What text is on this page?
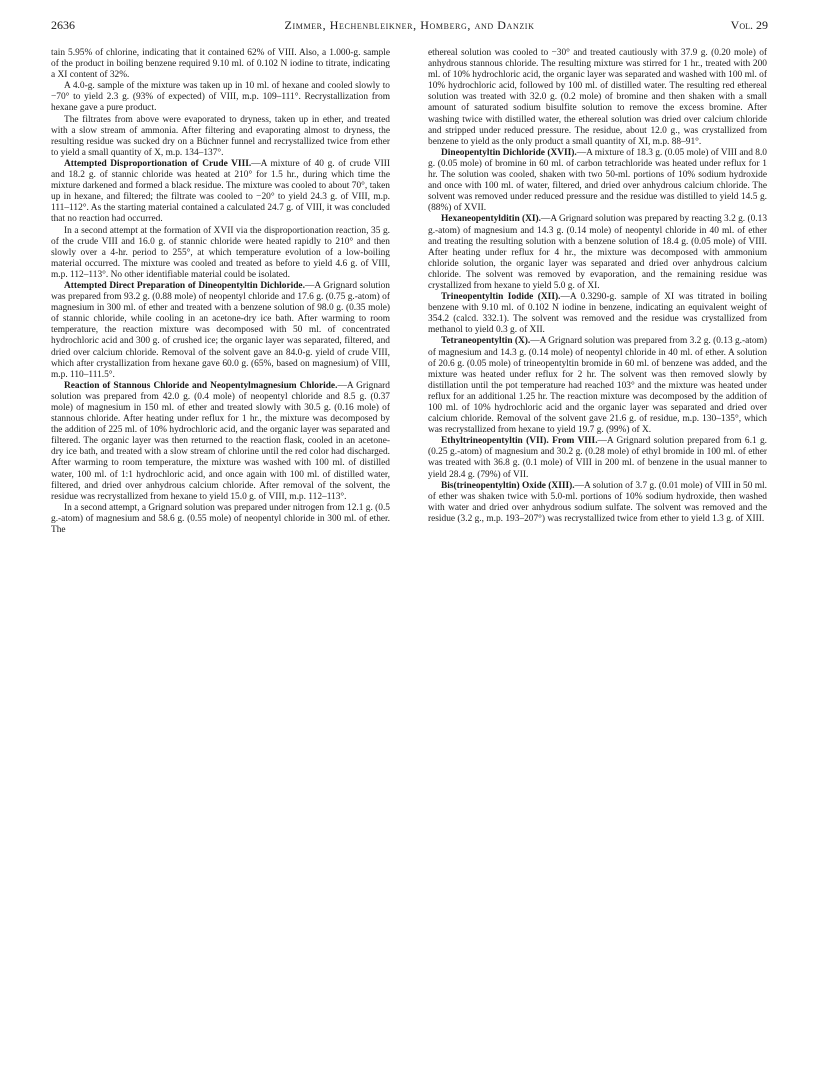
2636	Zimmer, Hechenbleikner, Homberg, and Danzik	Vol. 29

tain 5.95% of chlorine, indicating that it contained 62% of VIII. Also, a 1.000-g. sample of the product in boiling benzene required 9.10 ml. of 0.102 N iodine to titrate, indicating a XI content of 32%.

A 4.0-g. sample of the mixture was taken up in 10 ml. of hexane and cooled slowly to −70° to yield 2.3 g. (93% of expected) of VIII, m.p. 109–111°. Recrystallization from hexane gave a pure product.

The filtrates from above were evaporated to dryness, taken up in ether, and treated with a slow stream of ammonia. After filtering and evaporating almost to dryness, the resulting residue was sucked dry on a Büchner funnel and recrystallized twice from ether to yield a small quantity of X, m.p. 134–137°.

Attempted Disproportionation of Crude VIII.—A mixture of 40 g. of crude VIII and 18.2 g. of stannic chloride was heated at 210° for 1.5 hr., during which time the mixture darkened and formed a black residue. The mixture was cooled to about 70°, taken up in hexane, and filtered; the filtrate was cooled to −20° to yield 24.3 g. of VIII, m.p. 111–112°. As the starting material contained a calculated 24.7 g. of VIII, it was concluded that no reaction had occurred.

In a second attempt at the formation of XVII via the disproportionation reaction, 35 g. of the crude VIII and 16.0 g. of stannic chloride were heated rapidly to 210° and then slowly over a 4-hr. period to 255°, at which temperature evolution of a low-boiling material occurred. The mixture was cooled and treated as before to yield 4.6 g. of VIII, m.p. 112–113°. No other identifiable material could be isolated.

Attempted Direct Preparation of Dineopentyltin Dichloride.—A Grignard solution was prepared from 93.2 g. (0.88 mole) of neopentyl chloride and 17.6 g. (0.75 g.-atom) of magnesium in 300 ml. of ether and treated with a benzene solution of 98.0 g. (0.35 mole) of stannic chloride, while cooling in an acetone-dry ice bath. After warming to room temperature, the reaction mixture was decomposed with 50 ml. of concentrated hydrochloric acid and 300 g. of crushed ice; the organic layer was separated, filtered, and dried over calcium chloride. Removal of the solvent gave an 84.0-g. yield of crude VIII, which after crystallization from hexane gave 60.0 g. (65%, based on magnesium) of VIII, m.p. 110–111.5°.

Reaction of Stannous Chloride and Neopentylmagnesium Chloride.—A Grignard solution was prepared from 42.0 g. (0.4 mole) of neopentyl chloride and 8.5 g. (0.37 mole) of magnesium in 150 ml. of ether and treated slowly with 30.5 g. (0.16 mole) of stannous chloride. After heating under reflux for 1 hr., the mixture was decomposed by the addition of 225 ml. of 10% hydrochloric acid, and the organic layer was separated and filtered. The organic layer was then returned to the reaction flask, cooled in an acetone-dry ice bath, and treated with a slow stream of chlorine until the red color had discharged. After warming to room temperature, the mixture was washed with 100 ml. of distilled water, 100 ml. of 1:1 hydrochloric acid, and once again with 100 ml. of distilled water, filtered, and dried over anhydrous calcium chloride. After removal of the solvent, the residue was recrystallized from hexane to yield 15.0 g. of VIII, m.p. 112–113°.

In a second attempt, a Grignard solution was prepared under nitrogen from 12.1 g. (0.5 g.-atom) of magnesium and 58.6 g. (0.55 mole) of neopentyl chloride in 300 ml. of ether. The

ethereal solution was cooled to −30° and treated cautiously with 37.9 g. (0.20 mole) of anhydrous stannous chloride. The resulting mixture was stirred for 1 hr., treated with 200 ml. of 10% hydrochloric acid, the organic layer was separated and washed with 100 ml. of 10% hydrochloric acid, followed by 100 ml. of distilled water. The resulting red ethereal solution was treated with 32.0 g. (0.2 mole) of bromine and then shaken with a small amount of saturated sodium bisulfite solution to remove the excess bromine. After washing twice with distilled water, the ethereal solution was dried over calcium chloride and stripped under reduced pressure. The residue, about 12.0 g., was crystallized from benzene to yield as the only product a small quantity of XI, m.p. 88–91°.

Dineopentyltin Dichloride (XVII).—A mixture of 18.3 g. (0.05 mole) of VIII and 8.0 g. (0.05 mole) of bromine in 60 ml. of carbon tetrachloride was heated under reflux for 1 hr. The solution was cooled, shaken with two 50-ml. portions of 10% sodium hydroxide and once with 100 ml. of water, filtered, and dried over anhydrous calcium chloride. The solvent was removed under reduced pressure and the residue was distilled to yield 14.5 g. (88%) of XVII.

Hexaneopentylditin (XI).—A Grignard solution was prepared by reacting 3.2 g. (0.13 g.-atom) of magnesium and 14.3 g. (0.14 mole) of neopentyl chloride in 40 ml. of ether and treating the resulting solution with a benzene solution of 18.4 g. (0.05 mole) of VIII. After heating under reflux for 4 hr., the mixture was decomposed with ammonium chloride solution, the organic layer was separated and dried over anhydrous calcium chloride. The solvent was removed by evaporation, and the remaining residue was crystallized from hexane to yield 5.0 g. of XI.

Trineopentyltin Iodide (XII).—A 0.3290-g. sample of XI was titrated in boiling benzene with 9.10 ml. of 0.102 N iodine in benzene, indicating an equivalent weight of 354.2 (calcd. 332.1). The solvent was removed and the residue was crystallized from methanol to yield 0.3 g. of XII.

Tetraneopentyltin (X).—A Grignard solution was prepared from 3.2 g. (0.13 g.-atom) of magnesium and 14.3 g. (0.14 mole) of neopentyl chloride in 40 ml. of ether. A solution of 20.6 g. (0.05 mole) of trineopentyltin bromide in 60 ml. of benzene was added, and the mixture was heated under reflux for 2 hr. The solvent was then removed slowly by distillation until the pot temperature had reached 103° and the mixture was heated under reflux for an additional 1.25 hr. The reaction mixture was decomposed by the addition of 100 ml. of 10% hydrochloric acid and the organic layer was separated and dried over calcium chloride. Removal of the solvent gave 21.6 g. of residue, m.p. 130–135°, which was recrystallized from hexane to yield 19.7 g. (99%) of X.

Ethyltrineopentyltin (VII). From VIII.—A Grignard solution prepared from 6.1 g. (0.25 g.-atom) of magnesium and 30.2 g. (0.28 mole) of ethyl bromide in 100 ml. of ether was treated with 36.8 g. (0.1 mole) of VIII in 200 ml. of benzene in the usual manner to yield 28.4 g. (79%) of VII.

Bis(trineopentyltin) Oxide (XIII).—A solution of 3.7 g. (0.01 mole) of VIII in 50 ml. of ether was shaken twice with 5.0-ml. portions of 10% sodium hydroxide, then washed with water and dried over anhydrous sodium sulfate. The solvent was removed and the residue (3.2 g., m.p. 193–207°) was recrystallized twice from ether to yield 1.3 g. of XIII.
